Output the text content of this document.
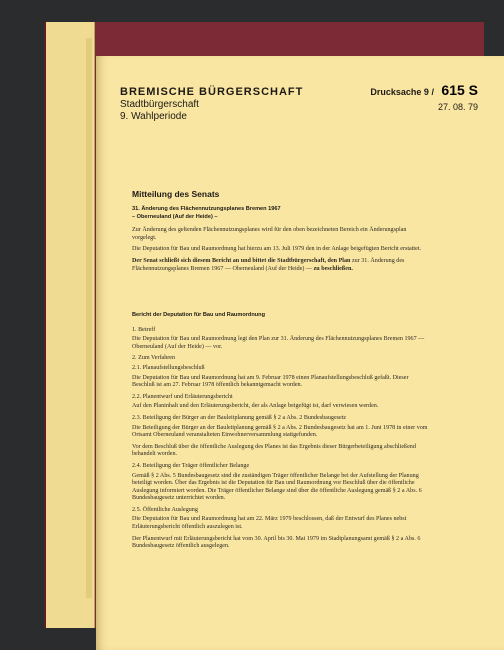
BREMISCHE BÜRGERSCHAFT
Stadtbürgerschaft
9. Wahlperiode
Drucksache 9 / 615 S
27. 08. 79
Mitteilung des Senats
31. Änderung des Flächennutzungsplanes Bremen 1967
– Oberneuland (Auf der Heide) –

Zur Änderung des geltenden Flächennutzungsplanes wird für den oben bezeichneten Bereich ein Änderungsplan vorgelegt.

Die Deputation für Bau und Raumordnung hat hierzu am 13. Juli 1979 den in der Anlage beigefügten Bericht erstattet.

Der Senat schließt sich diesem Bericht an und bittet die Stadtbürgerschaft, den Plan zur 31. Änderung des Flächennutzungsplanes Bremen 1967 — Oberneuland (Auf der Heide) — zu beschließen.

Bericht der Deputation für Bau und Raumordnung
1. Betreff

Die Deputation für Bau und Raumordnung legt den Plan zur 31. Änderung des Flächennutzungsplanes Bremen 1967 — Oberneuland (Auf der Heide) — vor.

2. Zum Verfahren
2.1. Planaufstellungsbeschluß

Die Deputation für Bau und Raumordnung hat am 9. Februar 1978 einen Planaufstellungsbeschluß gefaßt. Dieser Beschluß ist am 27. Februar 1978 öffentlich bekanntgemacht worden.

2.2. Planentwurf und Erläuterungsbericht

Auf den Planinhalt und den Erläuterungsbericht, der als Anlage beigefügt ist, darf verwiesen werden.

2.3. Beteiligung der Bürger an der Bauleitplanung gemäß § 2 a Abs. 2 Bundesbaugesetz

Die Beteiligung der Bürger an der Bauleitplanung gemäß § 2 a Abs. 2 Bundesbaugesetz hat am 1. Juni 1978 in einer vom Ortsamt Oberneuland veranstalteten Einwohnerversammlung stattgefunden.

Vor dem Beschluß über die öffentliche Auslegung des Planes ist das Ergebnis dieser Bürgerbeteiligung abschließend behandelt worden.

2.4. Beteiligung der Träger öffentlicher Belange

Gemäß § 2 Abs. 5 Bundesbaugesetz sind die zuständigen Träger öffentlicher Belange bei der Aufstellung der Planung beteiligt worden. Über das Ergebnis ist die Deputation für Bau und Raumordnung vor Beschluß über die öffentliche Auslegung informiert worden. Die Träger öffentlicher Belange sind über die öffentliche Auslegung gemäß § 2 a Abs. 6 Bundesbaugesetz unterrichtet worden.

2.5. Öffentliche Auslegung

Die Deputation für Bau und Raumordnung hat am 22. März 1979 beschlossen, daß der Entwurf des Planes nebst Erläuterungsbericht öffentlich auszulegen ist.

Der Planentwurf mit Erläuterungsbericht hat vom 30. April bis 30. Mai 1979 im Stadtplanungsamt gemäß § 2 a Abs. 6 Bundesbaugesetz öffentlich ausgelegen.
